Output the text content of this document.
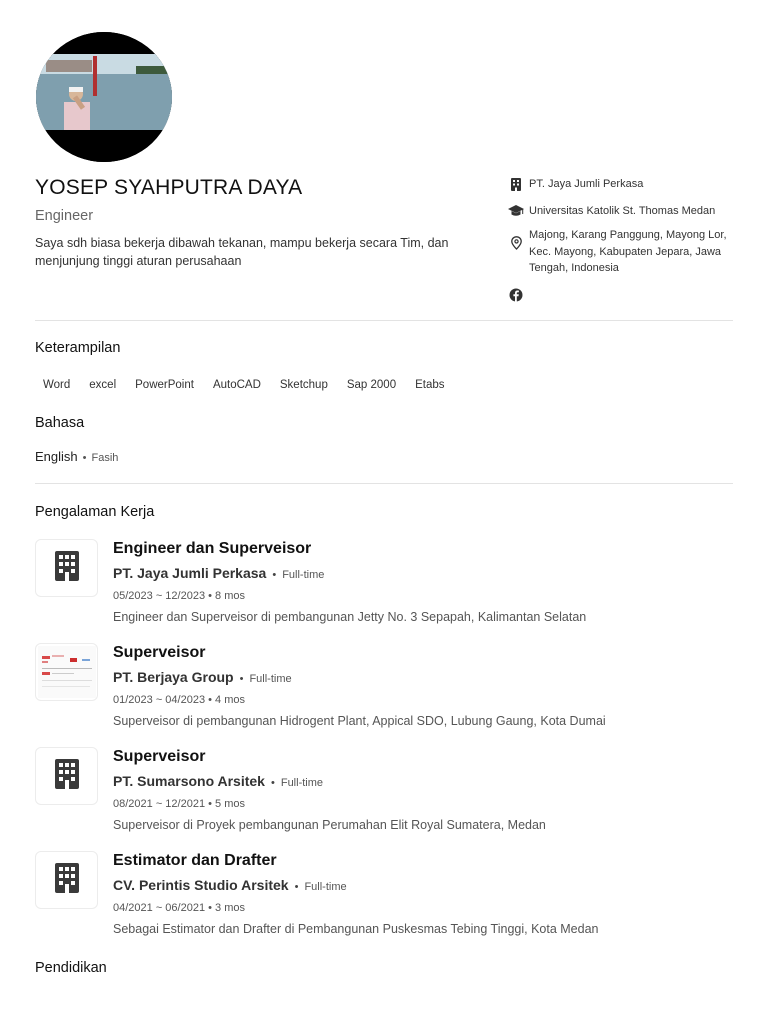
YOSEP SYAHPUTRA DAYA
Engineer
Saya sdh biasa bekerja dibawah tekanan, mampu bekerja secara Tim, dan menjunjung tinggi aturan perusahaan
PT. Jaya Jumli Perkasa
Universitas Katolik St. Thomas Medan
Majong, Karang Panggung, Mayong Lor, Kec. Mayong, Kabupaten Jepara, Jawa Tengah, Indonesia
Keterampilan
Word	excel	PowerPoint	AutoCAD	Sketchup	Sap 2000	Etabs
Bahasa
English • Fasih
Pengalaman Kerja
Engineer dan Superveisor
PT. Jaya Jumli Perkasa • Full-time
05/2023 ~ 12/2023 • 8 mos
Engineer dan Superveisor di pembangunan Jetty No. 3 Sepapah, Kalimantan Selatan
Superveisor
PT. Berjaya Group • Full-time
01/2023 ~ 04/2023 • 4 mos
Superveisor di pembangunan Hidrogent Plant, Appical SDO, Lubung Gaung, Kota Dumai
Superveisor
PT. Sumarsono Arsitek • Full-time
08/2021 ~ 12/2021 • 5 mos
Superveisor di Proyek pembangunan Perumahan Elit Royal Sumatera, Medan
Estimator dan Drafter
CV. Perintis Studio Arsitek • Full-time
04/2021 ~ 06/2021 • 3 mos
Sebagai Estimator dan Drafter di Pembangunan Puskesmas Tebing Tinggi, Kota Medan
Pendidikan
